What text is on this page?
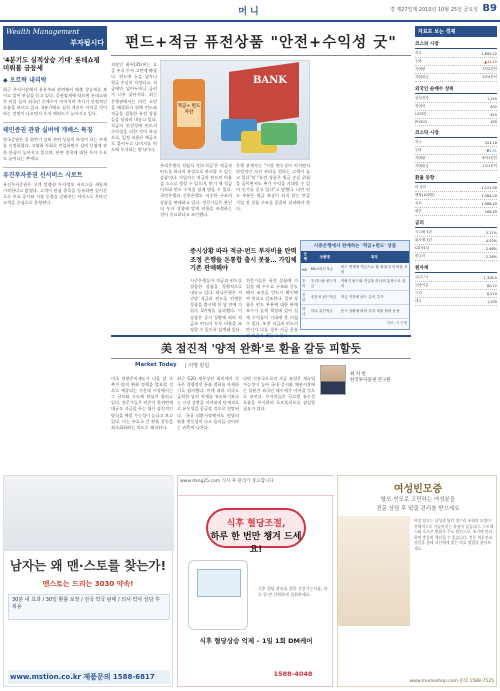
머니	경 제27일제 2010년 10월 25일 금요일 B9
Wealth Management
부자됩시다
'4분기도 실적상승 기대' 롯데쇼핑 미뤄볼 금등세
◆ 오르락 내리락
최근 주식시장에서 유통주와 관련해서 매출 상승세를 보이고 있어 관심을 끌고 있다. 증권업계에 따르면 롯데쇼핑은 이달 들어 외국인 순매수가 이어지며 주가가 안정적인 흐름을 보이고 있다. 4분기에도 실적 개선이 이어질 것이라는 전망이 나오면서 투자 매력도가 높아지고 있다.
태민증권 관광 실버에 개배스 특징
한국증권은 올 하반기 실버 관련 상품의 특징이 되는 주제를 선정하였다. 고령화 사회로 진입하면서 실버 산업에 관한 관심이 높아지고 있으며, 관련 종목에 대한 투자 수요도 늘어나는 추세다.
유진투자증권 신서비스 시로트
유진투자증권은 고객 맞춤형 투자정보 서비스를 새롭게 시작한다고 밝혔다. 고객이 관심 종목을 등록하면 실시간으로 주요 공시와 시장 동향을 알려주는 서비스로 온라인 고객을 중심으로 운영된다.
펀드+적금 퓨전상품 "안전+수익성 굿"
직장인 최씨(35)씨는 요즘 주식 투자 고민에 빠졌다. 펀드에 돈을 넣자니 원금 손실이 걱정되고, 적금에만 넣어두자니 금리가 너무 낮아서다. 최근 은행권에서는 이런 고민을 해결하기 위해 펀드와 적금을 결합한 퓨전 상품들을 잇따라 내놓고 있다. 적금의 안정성에 펀드의 수익성을 더한 것이 특징으로, 일정 비율은 예금으로 묶어두고 나머지를 펀드에 투자하는 방식이다.
BANK
적금+ 펀드 자산
우리은행의 적립식 '펀드적금'은 적금과 펀드를 하나의 통장으로 관리할 수 있는 상품이다. 가입자는 적금과 펀드의 비율을 스스로 정할 수 있으며, 만기 때 적금 이자와 펀드 수익을 함께 받을 수 있다. 국민은행과 신한은행도 비슷한 구조의 상품을 판매하고 있다. 전문가들은 본인의 투자 성향에 맞게 비율을 조정하는 것이 중요하다고 조언했다.
은행 관계자는 "시장 변동성이 커지면서 안정적인 자산 관리를 원하는 고객이 늘고 있다"며 "퓨전 상품은 원금 손실 위험을 줄이면서도 추가 수익을 기대할 수 있어 인기를 끌고 있다"고 말했다. 다만 펀드 부분은 원금 보장이 되지 않는 만큼 가입 전 상품 구조를 꼼꼼히 살펴봐야 한다.
시중은행에서 판매하는 '적금+펀드' 상품
은행	상품명	특징
KB	KB스마트적금	펀드 연계형 적금으로 월 최대 투자 비율 조정
우리	우리드림 펀드적금	적립식 펀드와 적금을 하나의 통장으로 관리
신한	신한 S 펀드적금	적금 이자에 펀드 수익 추가
하나	하나 퓨전적금	증시 상황에 따라 투자 비율 탄력 운용
자료: 각 은행
증시상황 따라 적금·펀드 투자비율 탄력 조정 은행들 돈통합 출시 봇물… 가입체 기존 판매해야
시중은행들이 적금과 펀드를 결합한 상품을 경쟁적으로 내놓고 있다. 하나은행은 지난달 적금과 펀드를 연계한 상품을 출시해 한 달 만에 가입자 1만명을 돌파했다. 이 상품은 증시 상황에 따라 적금과 펀드의 투자 비율을 조정할 수 있도록 설계돼 있다.
전문가들은 퓨전 상품에 가입할 때 수수료 구조와 중도 해지 조건을 반드시 확인해야 한다고 강조한다. 일부 상품은 펀드 부분에 대한 판매 보수가 높게 책정돼 있어 실제 수익률이 기대에 못 미칠 수 있다. 또한 적금과 펀드의 만기가 다를 경우 자금 운용에 차질이 생길 수 있다.
美 점진적 '양적 완화'로 환율 갈등 피할듯
Market Today	| 서명 칼럼
미국 연방준비제도가 다음 달 초 추가 양적 완화 정책을 발표할 것으로 예상되는 가운데 시장에서는 그 규모와 속도에 관심이 쏠리고 있다. 전문가들은 연준이 한꺼번에 대규모 자금을 푸는 대신 점진적인 방식을 택할 가능성이 높다고 보고 있다. 이는 주요국 간 환율 갈등을 최소화하려는 의도로 해석된다.
최근 G20 재무장관 회의에서 각국은 경쟁적인 통화 절하를 자제하기로 합의했다. 이에 따라 미국도 급격한 달러 약세를 유도하기보다는 시장 상황을 지켜보며 단계적으로 유동성을 공급할 것으로 전망된다. 국내 외환시장에서도 원달러 환율 변동성이 다소 줄어들 것이라는 관측이 나온다.
다만 신흥국으로의 자금 유입은 계속될 가능성이 높아 국내 증시와 채권시장에는 당분간 외국인 매수세가 이어질 것으로 보인다. 투자자들은 글로벌 유동성 흐름을 주시하며 포트폴리오를 점검할 필요가 있다.
최 치 헌
한국투자증권 연구원
자료로 보는 경제
코스피 시장
지수	1,890.22
등락	▲12.45
거래량	3억2천만
거래대금	5조4천억
외국인 순매수 상위
삼성전자	1,245
현대차	832
LG화학	610
POSCO	455
코스닥 시장
지수	524.18
등락	▼2.31
거래량	6억1천만
거래대금	2조1천억
환율 동향
미 달러	1,121.50
엔화(100엔)	1,384.20
유로	1,568.40
위안	168.55
금리
국고채 3년	3.21%
회사채 3년	4.02%
CD 91일	2.66%
콜금리	2.26%
원자재
금(온스)	1,328.5
두바이유	80.12
구리	8,210
대두	1,205
남자는 왜 맨·스토를 찾는가!
맨스토는 드리는 3030 약속!
30분 내 효과 / 30일 환불 보장 / 전국 약국 판매 / 의사·약사 상담 후 복용
www.mstion.co.kr 제품문의 1588-6817
www.dang25.com 식사 후 관리가 중요합니다
식후 혈당조절,
하루 한 번만 챙겨 드세요!
식후 혈당 관리를 위한 건강기능식품, 하루 한 번 간편하게 섭취하세요.
식후 혈당상승 억제 – 1일 1회 DM케어
1588-4048
여성빈모증
탈모·빈모로 고민하는 여성분들
전문 상담 후 맞춤 관리를 받으세요
여성 탈모는 남성과 달리 정수리 부위의 모발이 전체적으로 가늘어지는 특징이 있습니다. 스트레스와 호르몬 변화가 주요 원인으로, 조기에 관리하면 충분히 개선될 수 있습니다. 전문 의료진과 상담을 통해 자신에게 맞는 치료 방법을 찾아보세요.
www.mumoshop.com 문의 1588-7525
